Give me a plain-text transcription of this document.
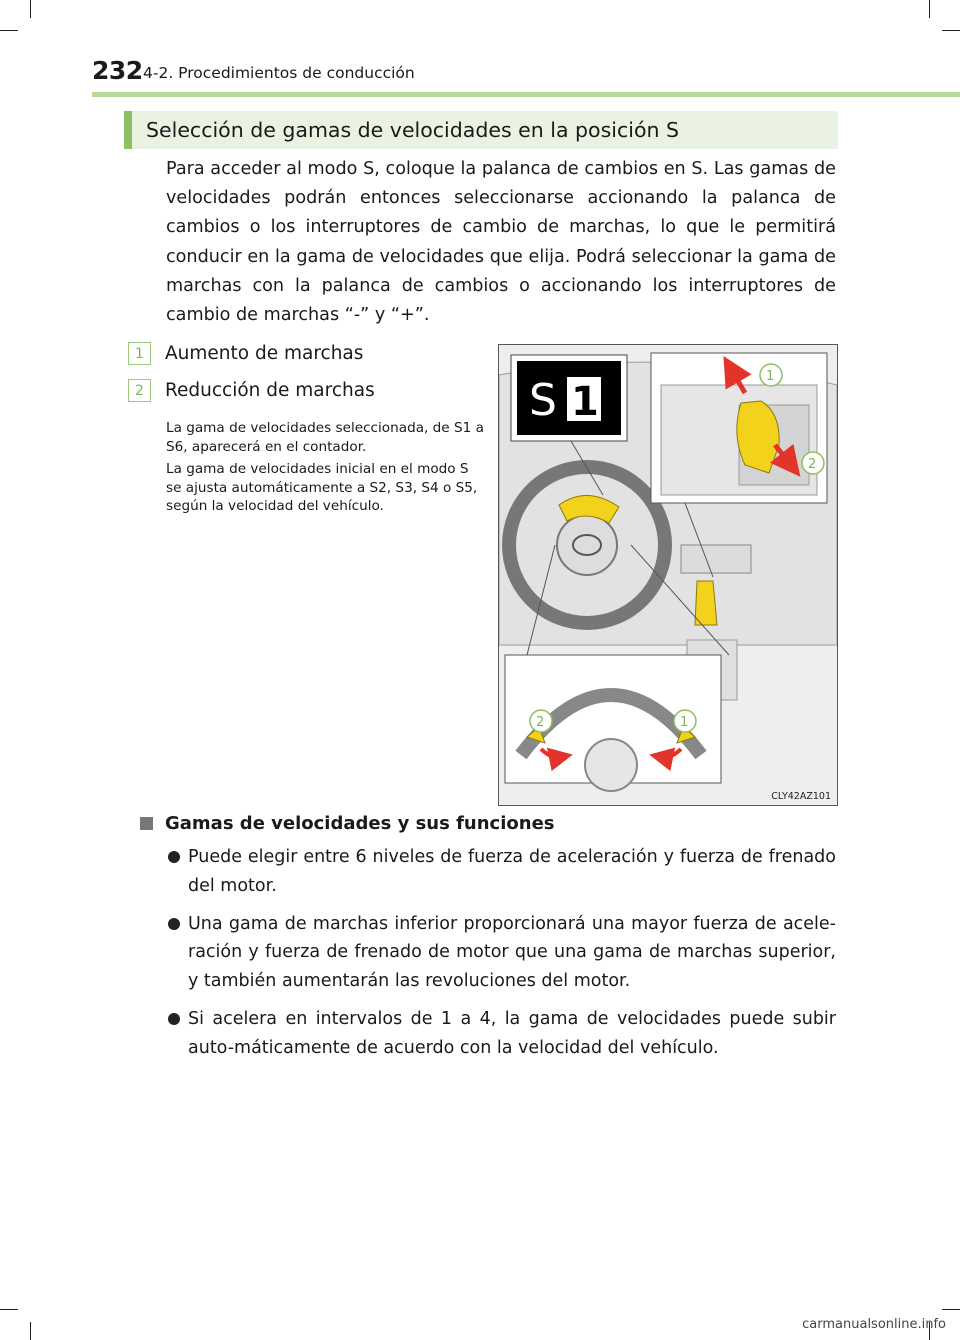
232 4-2. Procedimientos de conducción
Selección de gamas de velocidades en la posición S

Para acceder al modo S, coloque la palanca de cambios en S. Las gamas de velocidades podrán entonces seleccionarse accionando la palanca de cambios o los interruptores de cambio de marchas, lo que le permitirá conducir en la gama de velocidades que elija. Podrá seleccionar la gama de marchas con la palanca de cambios o accionando los interruptores de cambio de marchas “-” y “+”.

1	Aumento de marchas
2	Reducción de marchas

La gama de velocidades seleccionada, de S1 a S6, aparecerá en el contador.

La gama de velocidades inicial en el modo S se ajusta automáticamente a S2, S3, S4 o S5, según la velocidad del vehículo.

S 1
1
2
2	1
CLY42AZ101
Gamas de velocidades y sus funciones
Puede elegir entre 6 niveles de fuerza de aceleración y fuerza de frenado del motor.
Una gama de marchas inferior proporcionará una mayor fuerza de acele-ración y fuerza de frenado de motor que una gama de marchas superior, y también aumentarán las revoluciones del motor.
Si acelera en intervalos de 1 a 4, la gama de velocidades puede subir auto-máticamente de acuerdo con la velocidad del vehículo.
carmanualsonline.info
